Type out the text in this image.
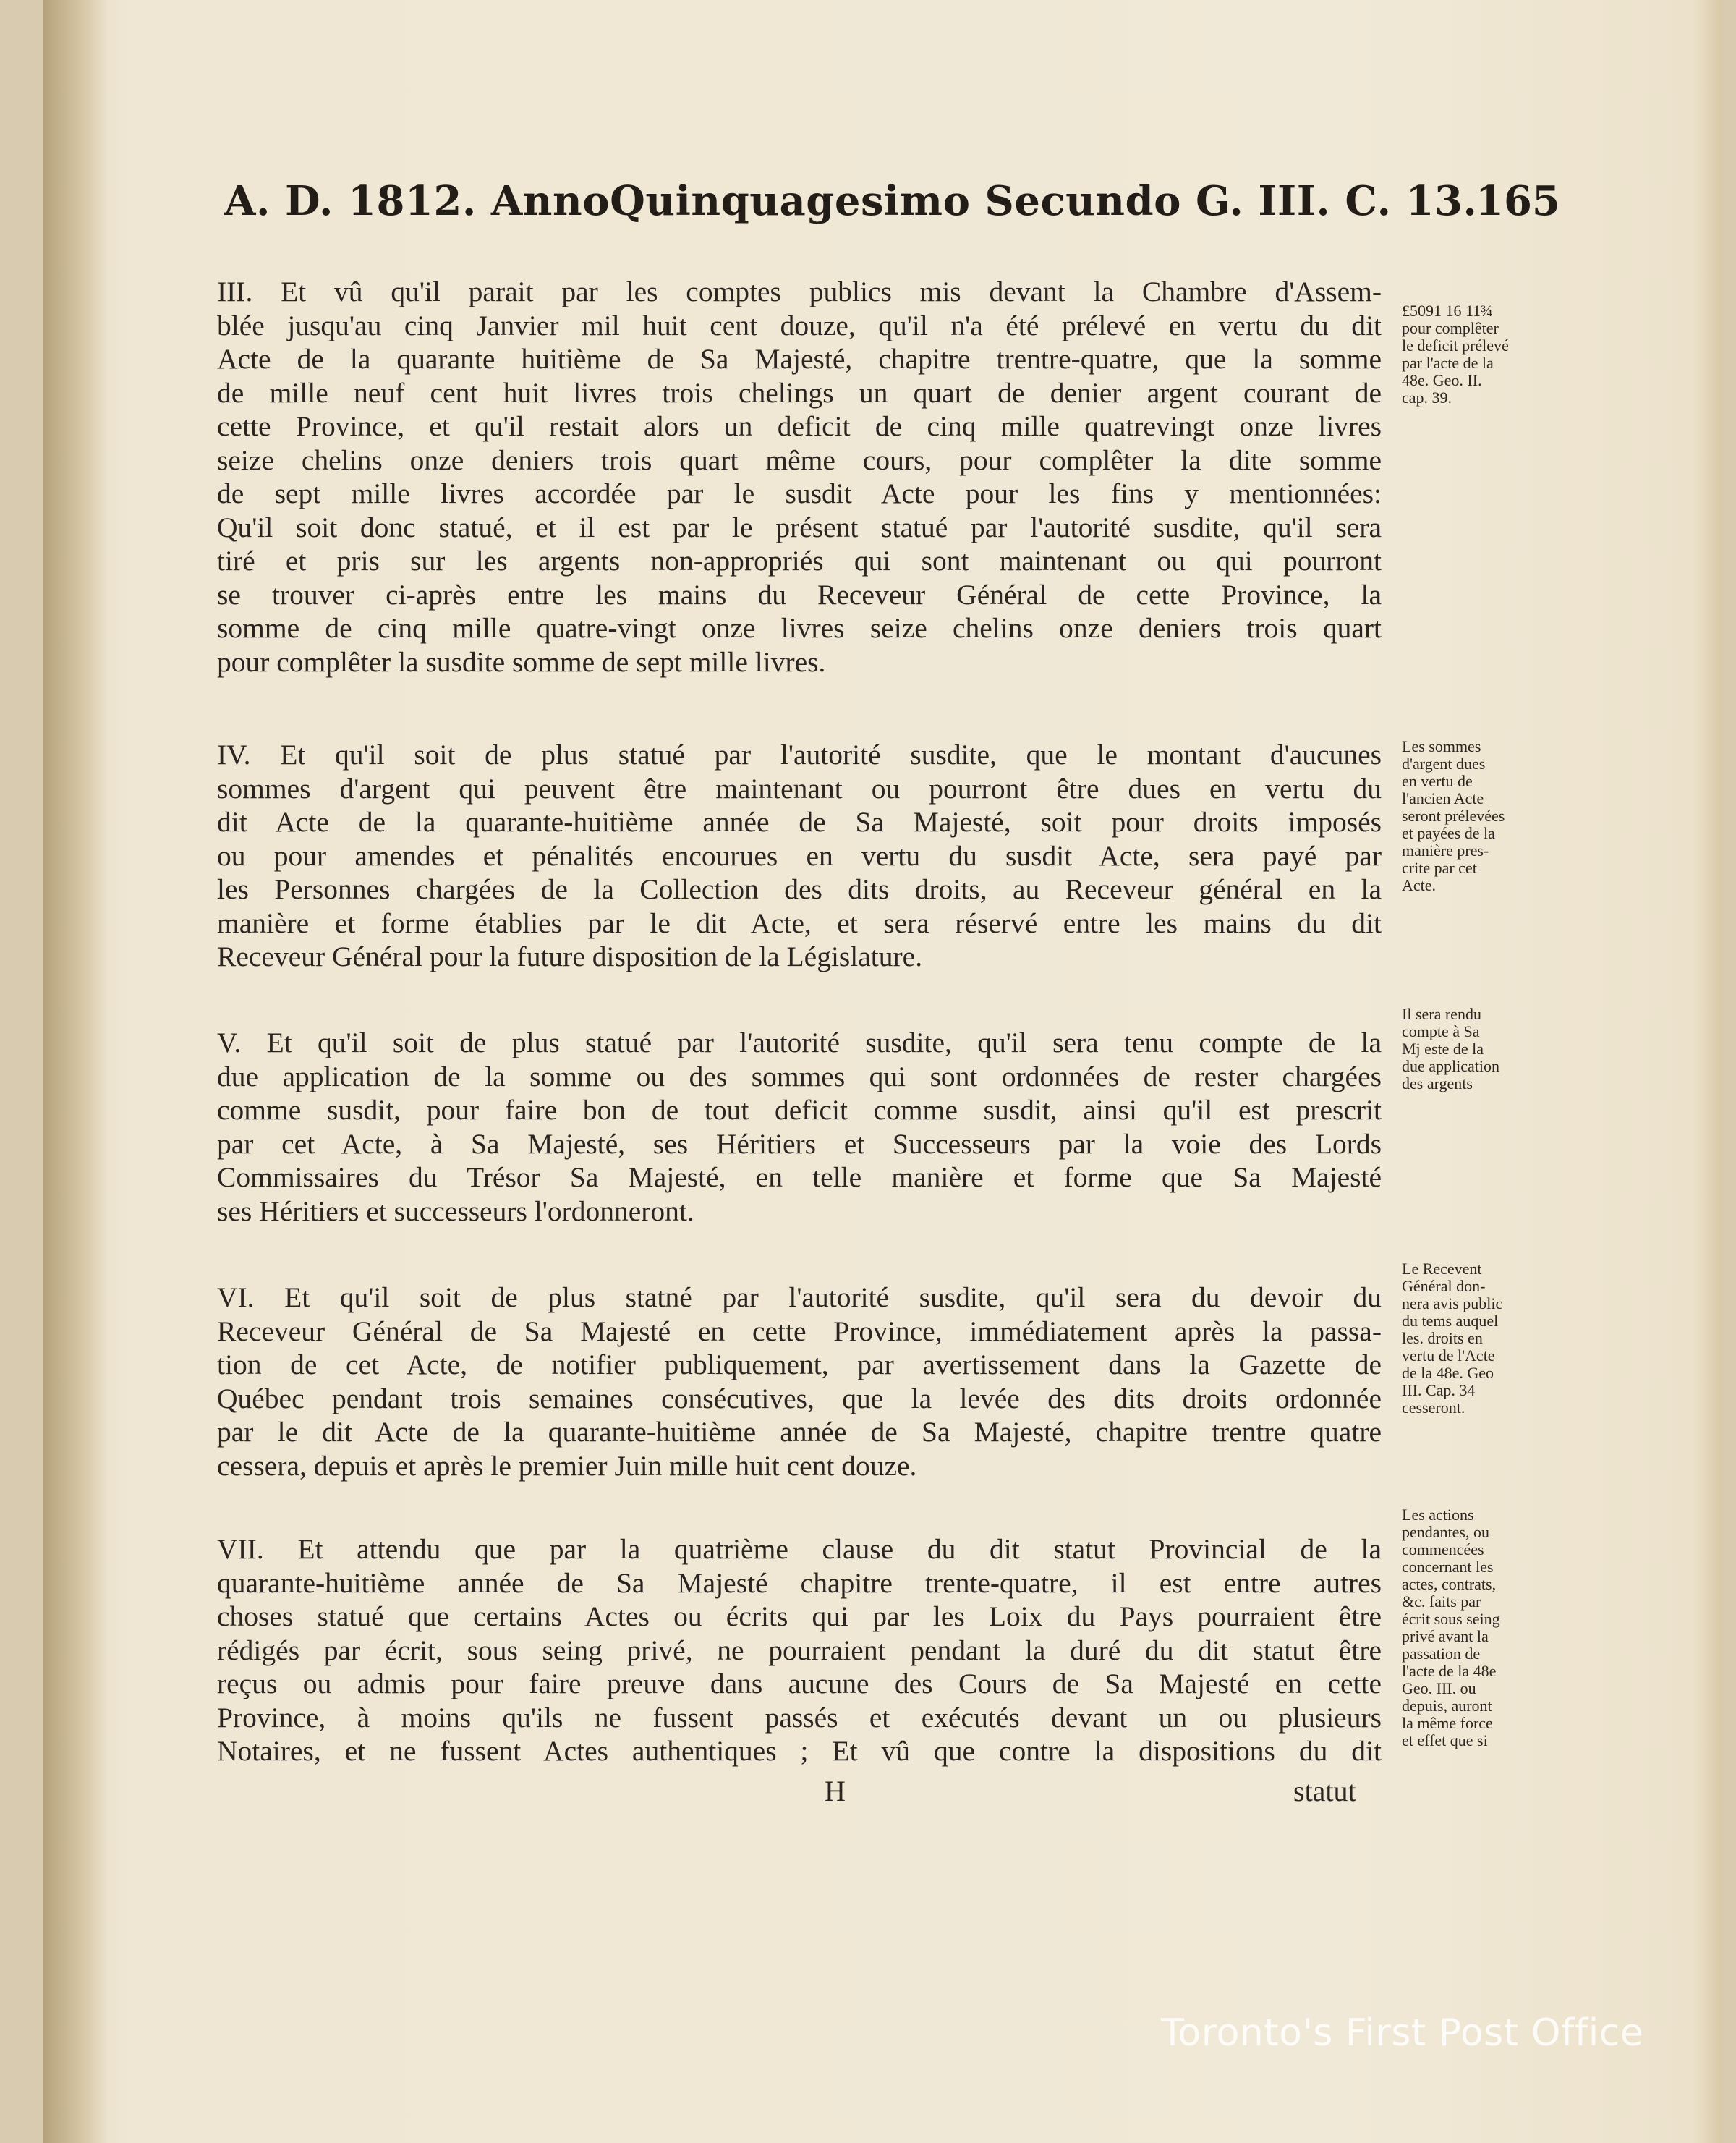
A. D. 1812. AnnoQuinquagesimo Secundo G. III. C. 13.
165

III. Et vû qu'il parait par les comptes publics mis devant la Chambre d'Assem-

blée jusqu'au cinq Janvier mil huit cent douze, qu'il n'a été prélevé en vertu du dit

Acte de la quarante huitième de Sa Majesté, chapitre trentre-quatre, que la somme

de mille neuf cent huit livres trois chelings un quart de denier argent courant de

cette Province, et qu'il restait alors un deficit de cinq mille quatrevingt onze livres

seize chelins onze deniers trois quart même cours, pour complêter la dite somme

de sept mille livres accordée par le susdit Acte pour les fins y mentionnées:

Qu'il soit donc statué, et il est par le présent statué par l'autorité susdite, qu'il sera

tiré et pris sur les argents non-appropriés qui sont maintenant ou qui pourront

se trouver ci-après entre les mains du Receveur Général de cette Province, la

somme de cinq mille quatre-vingt onze livres seize chelins onze deniers trois quart

pour complêter la susdite somme de sept mille livres.

IV. Et qu'il soit de plus statué par l'autorité susdite, que le montant d'aucunes

sommes d'argent qui peuvent être maintenant ou pourront être dues en vertu du

dit Acte de la quarante-huitième année de Sa Majesté, soit pour droits imposés

ou pour amendes et pénalités encourues en vertu du susdit Acte, sera payé par

les Personnes chargées de la Collection des dits droits, au Receveur général en la

manière et forme établies par le dit Acte, et sera réservé entre les mains du dit

Receveur Général pour la future disposition de la Législature.

V. Et qu'il soit de plus statué par l'autorité susdite, qu'il sera tenu compte de la

due application de la somme ou des sommes qui sont ordonnées de rester chargées

comme susdit, pour faire bon de tout deficit comme susdit, ainsi qu'il est prescrit

par cet Acte, à Sa Majesté, ses Héritiers et Successeurs par la voie des Lords

Commissaires du Trésor Sa Majesté, en telle manière et forme que Sa Majesté

ses Héritiers et successeurs l'ordonneront.

VI. Et qu'il soit de plus statné par l'autorité susdite, qu'il sera du devoir du

Receveur Général de Sa Majesté en cette Province, immédiatement après la passa-

tion de cet Acte, de notifier publiquement, par avertissement dans la Gazette de

Québec pendant trois semaines consécutives, que la levée des dits droits ordonnée

par le dit Acte de la quarante-huitième année de Sa Majesté, chapitre trentre quatre

cessera, depuis et après le premier Juin mille huit cent douze.

VII. Et attendu que par la quatrième clause du dit statut Provincial de la

quarante-huitième année de Sa Majesté chapitre trente-quatre, il est entre autres

choses statué que certains Actes ou écrits qui par les Loix du Pays pourraient être

rédigés par écrit, sous seing privé, ne pourraient pendant la duré du dit statut être

reçus ou admis pour faire preuve dans aucune des Cours de Sa Majesté en cette

Province, à moins qu'ils ne fussent passés et exécutés devant un ou plusieurs

Notaires, et ne fussent Actes authentiques ; Et vû que contre la dispositions du dit

£5091 16 11¾

pour complêter

le deficit prélevé

par l'acte de la

48e. Geo. II.

cap. 39.

Les sommes

d'argent dues

en vertu de

l'ancien Acte

seront prélevées

et payées de la

manière pres-

crite par cet

Acte.

Il sera rendu

compte à Sa

Mj este de la

due application

des argents

Le Recevent

Général don-

nera avis public

du tems auquel

les. droits en

vertu de l'Acte

de la 48e. Geo

III. Cap. 34

cesseront.

Les actions

pendantes, ou

commencées

concernant les

actes, contrats,

&c. faits par

écrit sous seing

privé avant la

passation de

l'acte de la 48e

Geo. III. ou

depuis, auront

la même force

et effet que si

H	statut
Toronto's First Post Office
